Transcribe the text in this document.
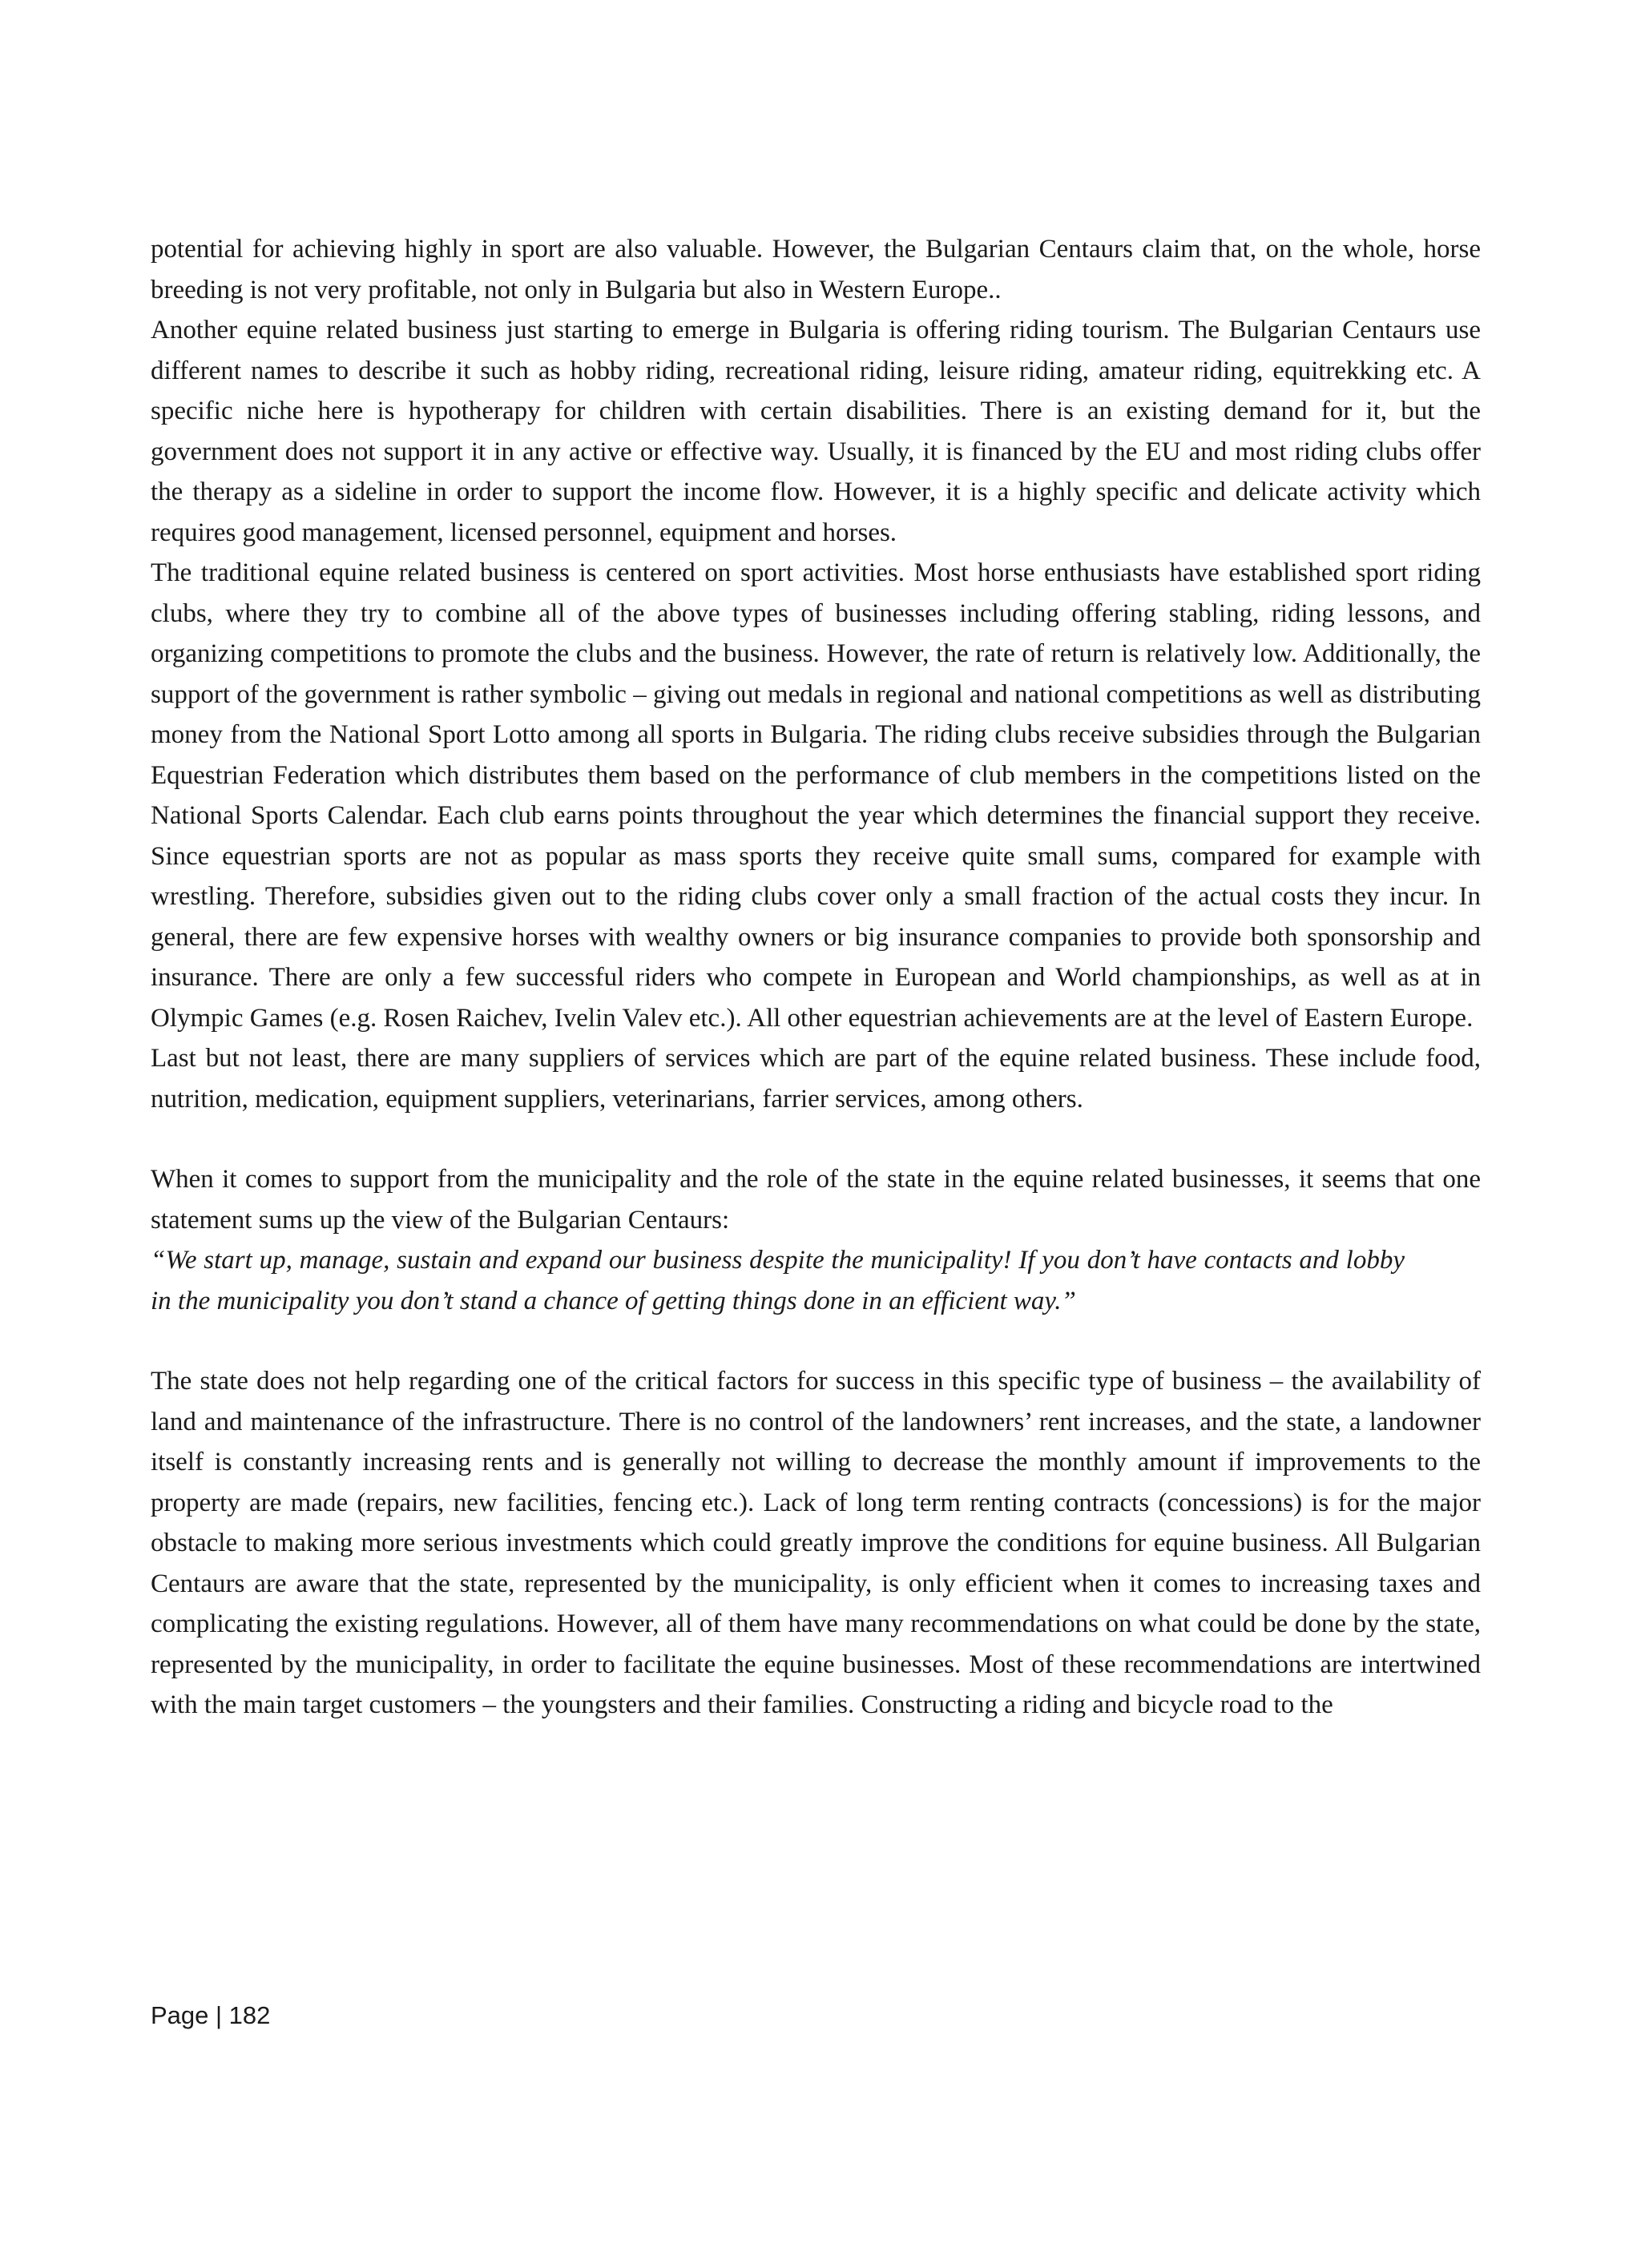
potential for achieving highly in sport are also valuable. However, the Bulgarian Centaurs claim that, on the whole, horse breeding is not very profitable, not only in Bulgaria but also in Western Europe..

Another equine related business just starting to emerge in Bulgaria is offering riding tourism. The Bulgarian Centaurs use different names to describe it such as hobby riding, recreational riding, leisure riding, amateur riding, equitrekking etc. A specific niche here is hypotherapy for children with certain disabilities. There is an existing demand for it, but the government does not support it in any active or effective way. Usually, it is financed by the EU and most riding clubs offer the therapy as a sideline in order to support the income flow. However, it is a highly specific and delicate activity which requires good management, licensed personnel, equipment and horses.

The traditional equine related business is centered on sport activities. Most horse enthusiasts have established sport riding clubs, where they try to combine all of the above types of businesses including offering stabling, riding lessons, and organizing competitions to promote the clubs and the business. However, the rate of return is relatively low. Additionally, the support of the government is rather symbolic – giving out medals in regional and national competitions as well as distributing money from the National Sport Lotto among all sports in Bulgaria. The riding clubs receive subsidies through the Bulgarian Equestrian Federation which distributes them based on the performance of club members in the competitions listed on the National Sports Calendar. Each club earns points throughout the year which determines the financial support they receive. Since equestrian sports are not as popular as mass sports they receive quite small sums, compared for example with wrestling. Therefore, subsidies given out to the riding clubs cover only a small fraction of the actual costs they incur. In general, there are few expensive horses with wealthy owners or big insurance companies to provide both sponsorship and insurance. There are only a few successful riders who compete in European and World championships, as well as at in Olympic Games (e.g. Rosen Raichev, Ivelin Valev etc.). All other equestrian achievements are at the level of Eastern Europe.

Last but not least, there are many suppliers of services which are part of the equine related business. These include food, nutrition, medication, equipment suppliers, veterinarians, farrier services, among others.

When it comes to support from the municipality and the role of the state in the equine related businesses, it seems that one statement sums up the view of the Bulgarian Centaurs:

“We start up, manage, sustain and expand our business despite the municipality! If you don’t have contacts and lobby in the municipality you don’t stand a chance of getting things done in an efficient way.”

The state does not help regarding one of the critical factors for success in this specific type of business – the availability of land and maintenance of the infrastructure. There is no control of the landowners’ rent increases, and the state, a landowner itself is constantly increasing rents and is generally not willing to decrease the monthly amount if improvements to the property are made (repairs, new facilities, fencing etc.). Lack of long term renting contracts (concessions) is for the major obstacle to making more serious investments which could greatly improve the conditions for equine business. All Bulgarian Centaurs are aware that the state, represented by the municipality, is only efficient when it comes to increasing taxes and complicating the existing regulations. However, all of them have many recommendations on what could be done by the state, represented by the municipality, in order to facilitate the equine businesses. Most of these recommendations are intertwined with the main target customers – the youngsters and their families. Constructing a riding and bicycle road to the

Page | 182
